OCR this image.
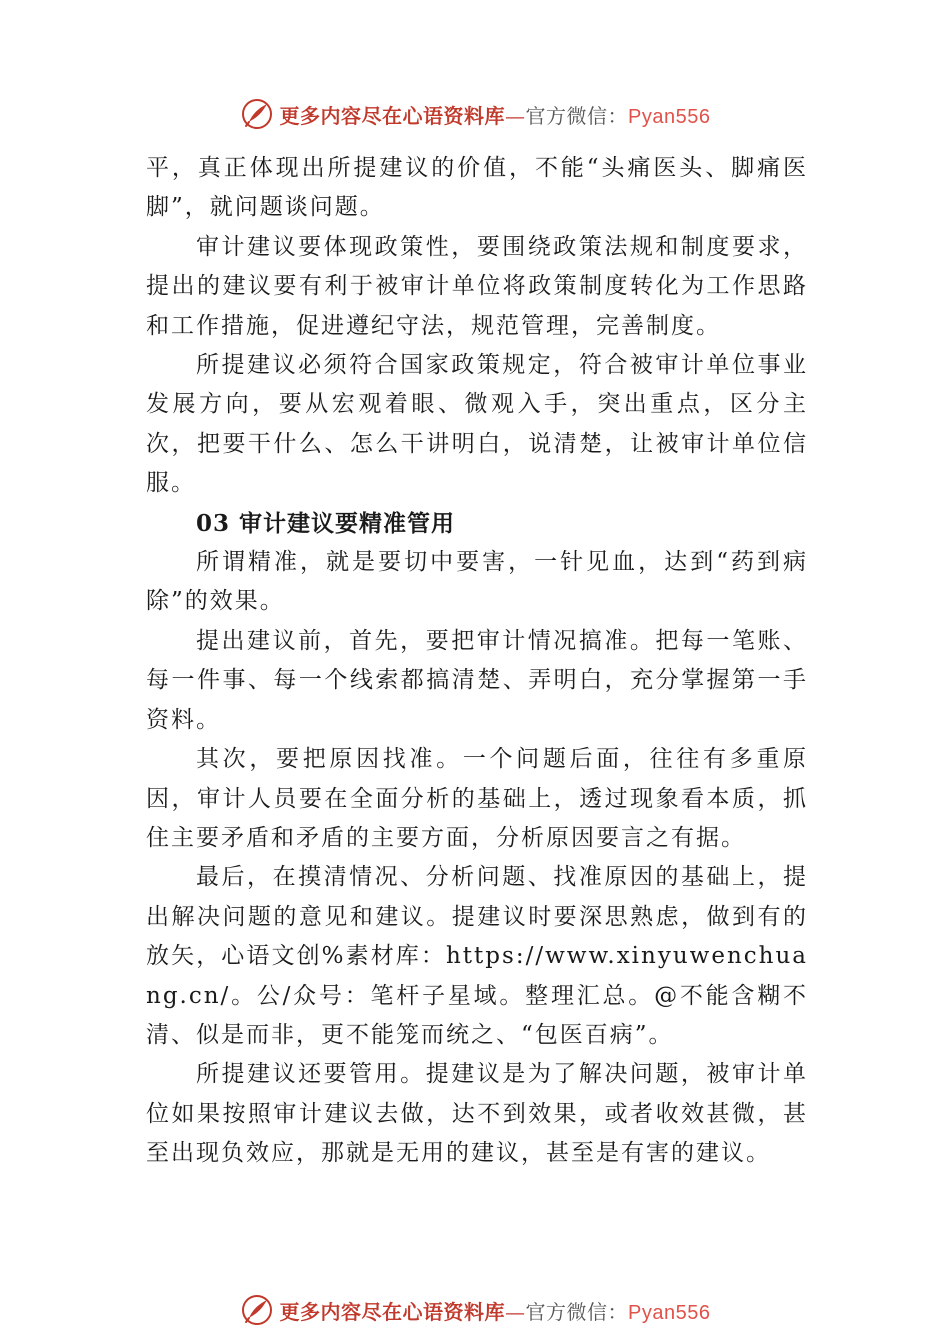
更多内容尽在心语资料库—官方微信：Pyan556

平，真正体现出所提建议的价值，不能“头痛医头、脚痛医脚”，就问题谈问题。

审计建议要体现政策性，要围绕政策法规和制度要求，提出的建议要有利于被审计单位将政策制度转化为工作思路和工作措施，促进遵纪守法，规范管理，完善制度。

所提建议必须符合国家政策规定，符合被审计单位事业发展方向，要从宏观着眼、微观入手，突出重点，区分主次，把要干什么、怎么干讲明白，说清楚，让被审计单位信服。

03 审计建议要精准管用

所谓精准，就是要切中要害，一针见血，达到“药到病除”的效果。

提出建议前，首先，要把审计情况搞准。把每一笔账、每一件事、每一个线索都搞清楚、弄明白，充分掌握第一手资料。

其次，要把原因找准。一个问题后面，往往有多重原因，审计人员要在全面分析的基础上，透过现象看本质，抓住主要矛盾和矛盾的主要方面，分析原因要言之有据。

最后，在摸清情况、分析问题、找准原因的基础上，提出解决问题的意见和建议。提建议时要深思熟虑，做到有的放矢，心语文创%素材库：https://www.xinyuwenchuang.cn/。公/众号：笔杆子星域。整理汇总。@不能含糊不清、似是而非，更不能笼而统之、“包医百病”。

所提建议还要管用。提建议是为了解决问题，被审计单位如果按照审计建议去做，达不到效果，或者收效甚微，甚至出现负效应，那就是无用的建议，甚至是有害的建议。

更多内容尽在心语资料库—官方微信：Pyan556
